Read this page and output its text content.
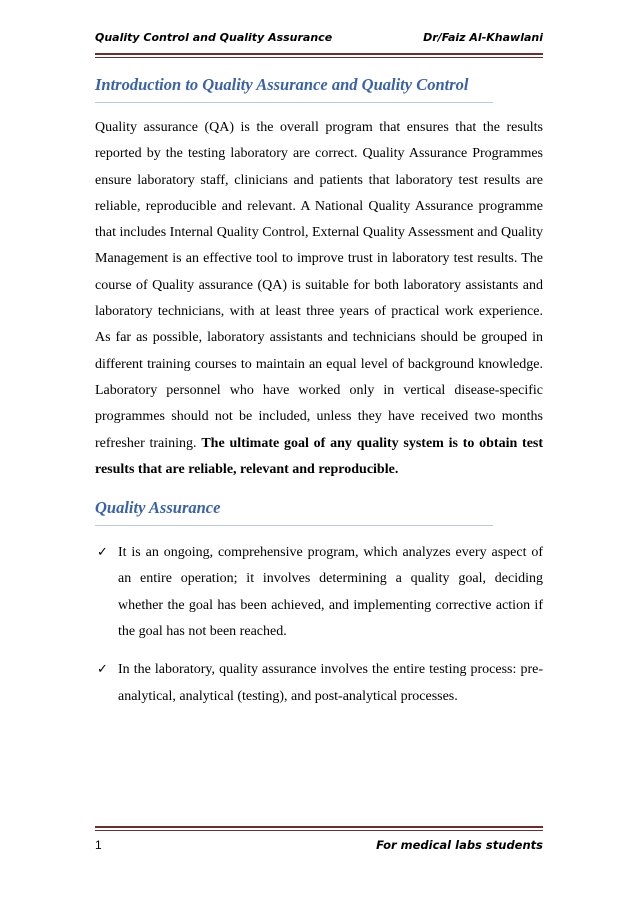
Quality Control and Quality Assurance	Dr/Faiz Al-Khawlani
Introduction to Quality Assurance and Quality Control

Quality assurance (QA) is the overall program that ensures that the results reported by the testing laboratory are correct. Quality Assurance Programmes ensure laboratory staff, clinicians and patients that laboratory test results are reliable, reproducible and relevant. A National Quality Assurance programme that includes Internal Quality Control, External Quality Assessment and Quality Management is an effective tool to improve trust in laboratory test results. The course of Quality assurance (QA) is suitable for both laboratory assistants and laboratory technicians, with at least three years of practical work experience. As far as possible, laboratory assistants and technicians should be grouped in different training courses to maintain an equal level of background knowledge. Laboratory personnel who have worked only in vertical disease-specific programmes should not be included, unless they have received two months refresher training. The ultimate goal of any quality system is to obtain test results that are reliable, relevant and reproducible.

Quality Assurance
✓ It is an ongoing, comprehensive program, which analyzes every aspect of an entire operation; it involves determining a quality goal, deciding whether the goal has been achieved, and implementing corrective action if the goal has not been reached.
✓ In the laboratory, quality assurance involves the entire testing process: pre-analytical, analytical (testing), and post-analytical processes.
1	For medical labs students
